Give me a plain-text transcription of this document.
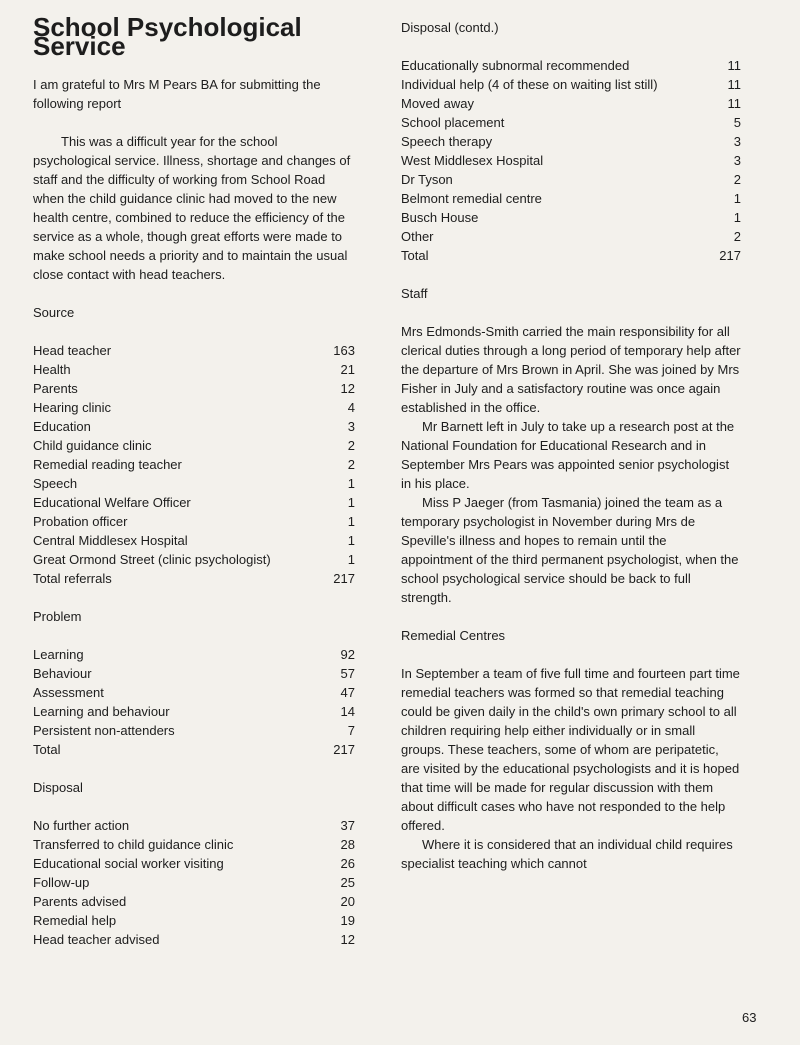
School Psychological Service

I am grateful to Mrs M Pears BA for submitting the following report

This was a difficult year for the school psychological service. Illness, shortage and changes of staff and the difficulty of working from School Road when the child guidance clinic had moved to the new health centre, combined to reduce the efficiency of the service as a whole, though great efforts were made to make school needs a priority and to maintain the usual close contact with head teachers.

Source

Head teacher	163
Health	21
Parents	12
Hearing clinic	4
Education	3
Child guidance clinic	2
Remedial reading teacher	2
Speech	1
Educational Welfare Officer	1
Probation officer	1
Central Middlesex Hospital	1
Great Ormond Street (clinic psychologist)	1
Total referrals	217

Problem

Learning	92
Behaviour	57
Assessment	47
Learning and behaviour	14
Persistent non-attenders	7
Total	217

Disposal

No further action	37
Transferred to child guidance clinic	28
Educational social worker visiting	26
Follow-up	25
Parents advised	20
Remedial help	19
Head teacher advised	12

Disposal (contd.)

Educationally subnormal recommended	11
Individual help (4 of these on waiting list still)	11
Moved away	11
School placement	5
Speech therapy	3
West Middlesex Hospital	3
Dr Tyson	2
Belmont remedial centre	1
Busch House	1
Other	2
Total	217

Staff

Mrs Edmonds-Smith carried the main responsibility for all clerical duties through a long period of temporary help after the departure of Mrs Brown in April. She was joined by Mrs Fisher in July and a satisfactory routine was once again established in the office.

Mr Barnett left in July to take up a research post at the National Foundation for Educational Research and in September Mrs Pears was appointed senior psychologist in his place.

Miss P Jaeger (from Tasmania) joined the team as a temporary psychologist in November during Mrs de Speville's illness and hopes to remain until the appointment of the third permanent psychologist, when the school psychological service should be back to full strength.

Remedial Centres

In September a team of five full time and fourteen part time remedial teachers was formed so that remedial teaching could be given daily in the child's own primary school to all children requiring help either individually or in small groups. These teachers, some of whom are peripatetic, are visited by the educational psychologists and it is hoped that time will be made for regular discussion with them about difficult cases who have not responded to the help offered.

Where it is considered that an individual child requires specialist teaching which cannot

63
